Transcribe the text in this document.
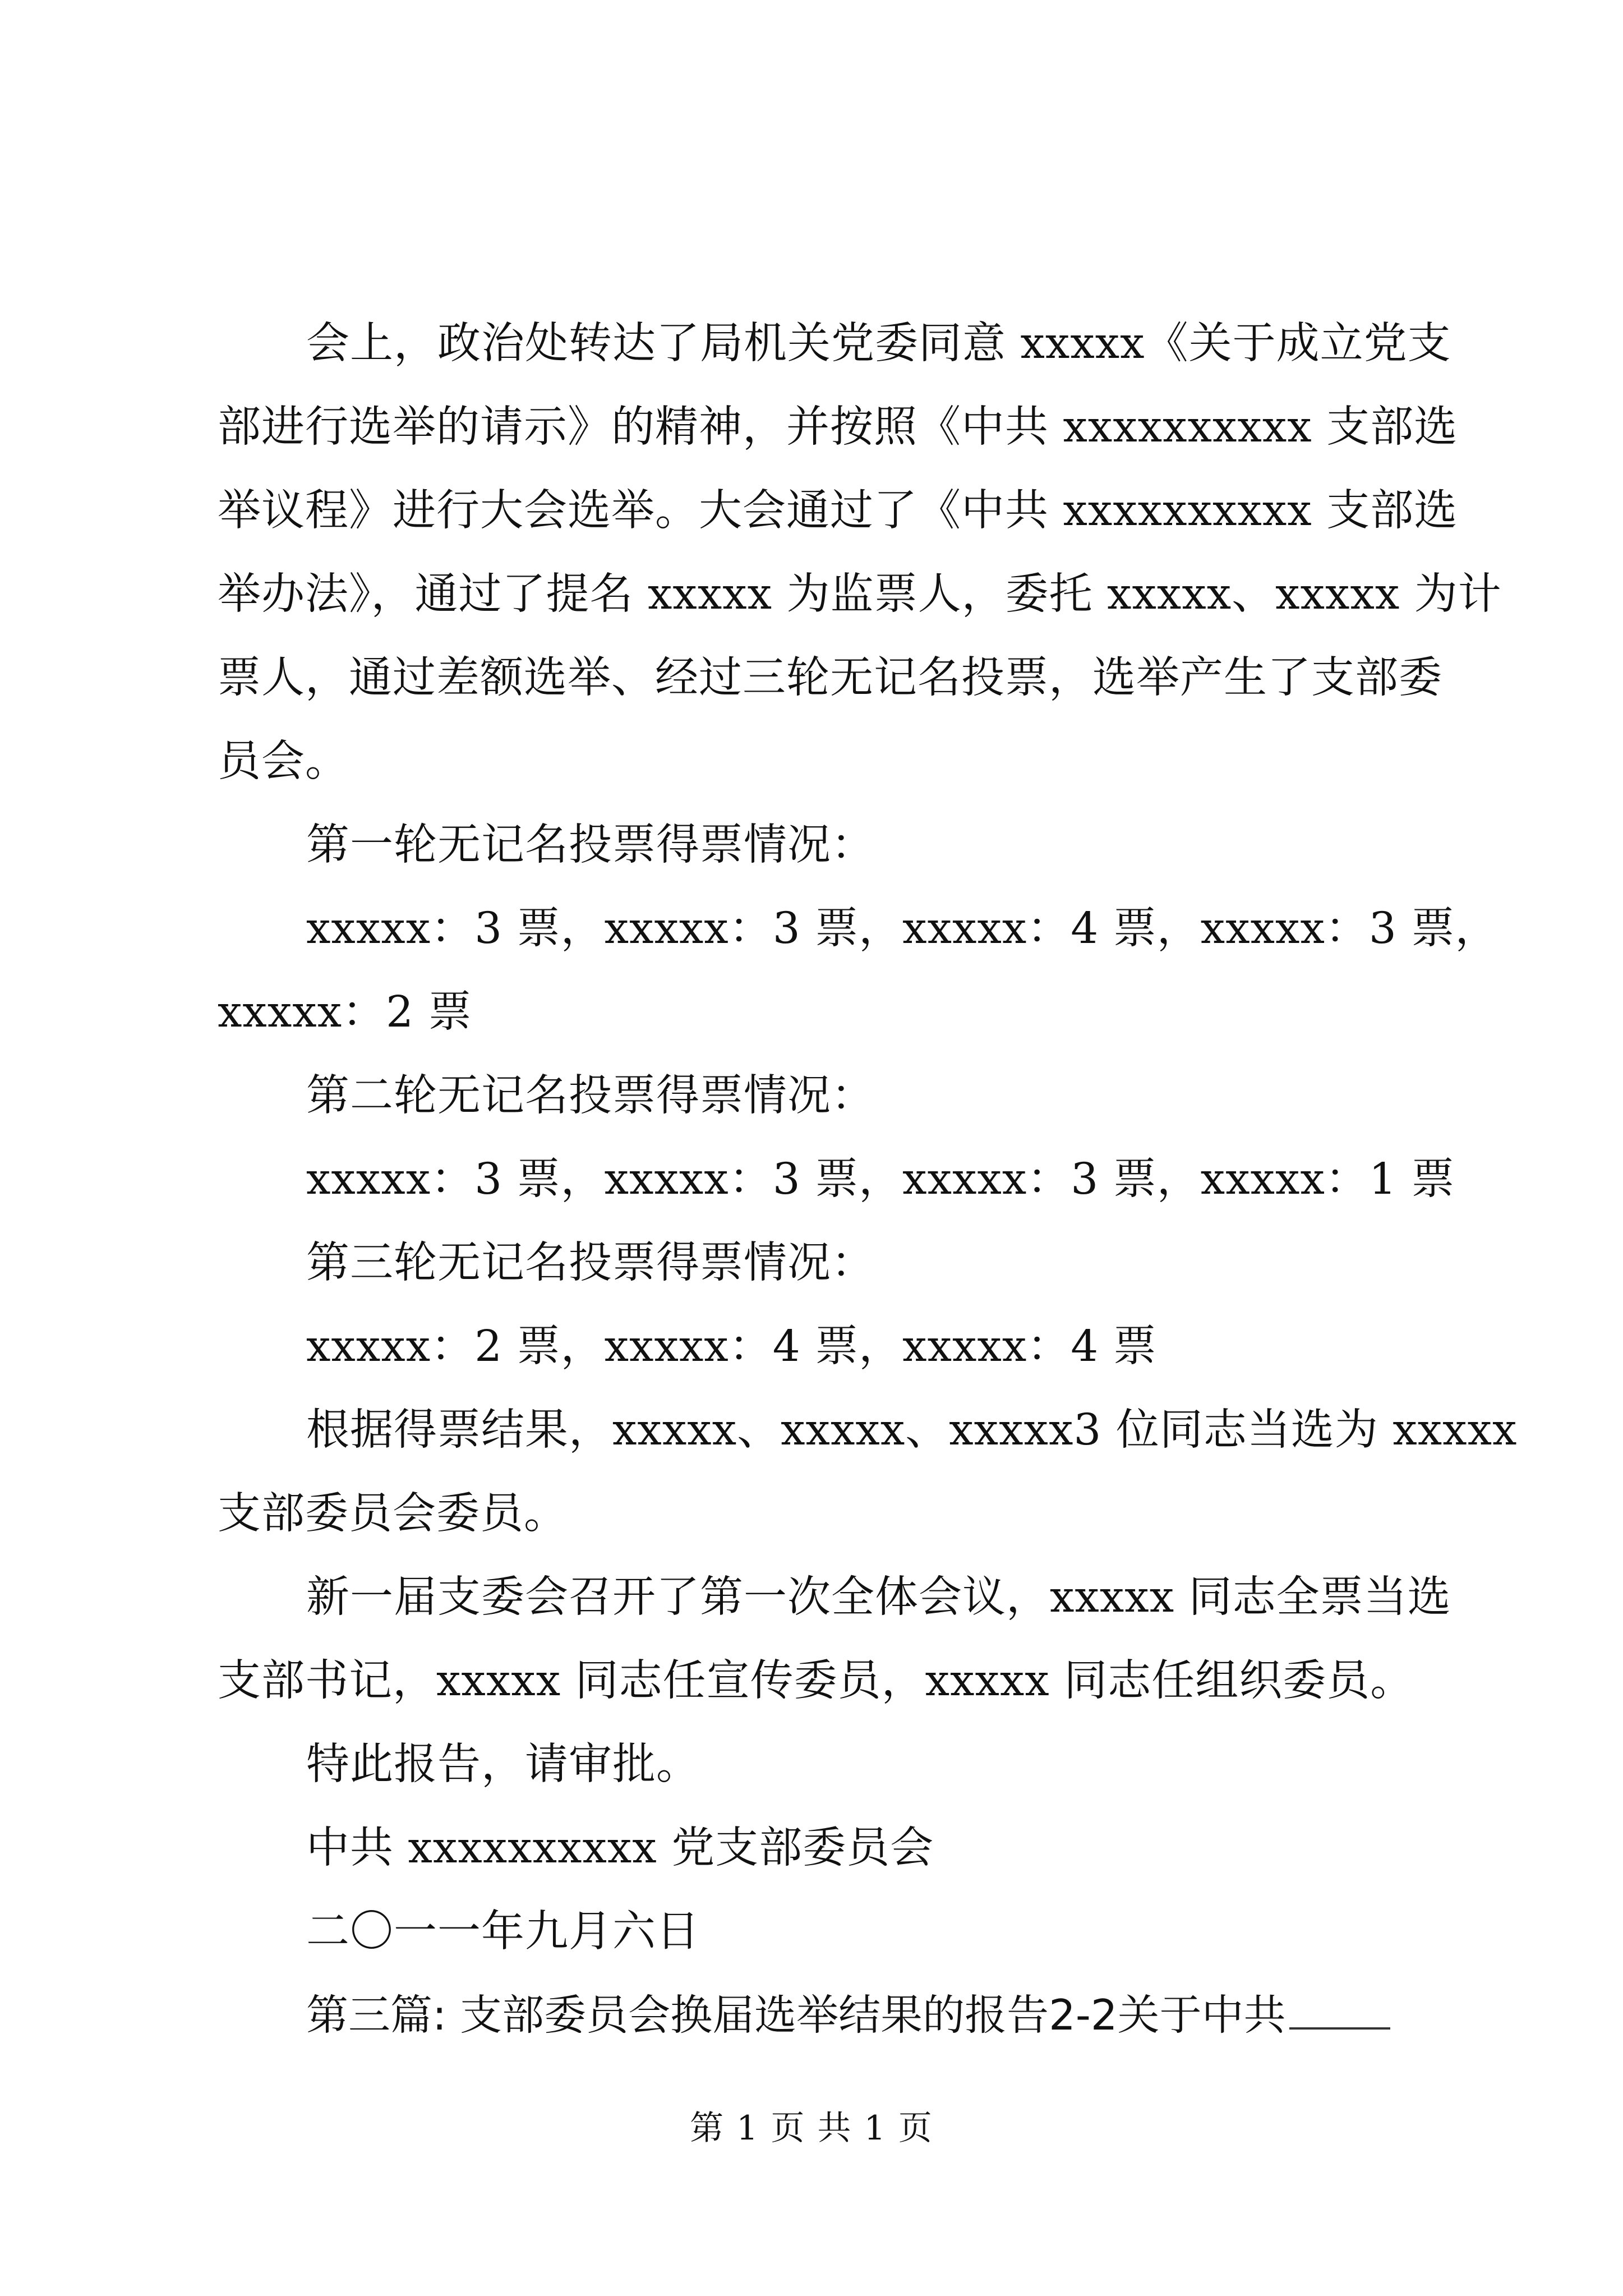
会上，政治处转达了局机关党委同意 xxxxx《关于成立党支
部进行选举的请示》的精神，并按照《中共 xxxxxxxxxx 支部选
举议程》进行大会选举。大会通过了《中共 xxxxxxxxxx 支部选
举办法》，通过了提名 xxxxx 为监票人，委托 xxxxx、xxxxx 为计
票人，通过差额选举、经过三轮无记名投票，选举产生了支部委
员会。
第一轮无记名投票得票情况：
xxxxx：3 票，xxxxx：3 票，xxxxx：4 票，xxxxx：3 票，
xxxxx：2 票
第二轮无记名投票得票情况：
xxxxx：3 票，xxxxx：3 票，xxxxx：3 票，xxxxx：1 票
第三轮无记名投票得票情况：
xxxxx：2 票，xxxxx：4 票，xxxxx：4 票
根据得票结果，xxxxx、xxxxx、xxxxx3 位同志当选为 xxxxx
支部委员会委员。
新一届支委会召开了第一次全体会议，xxxxx 同志全票当选
支部书记，xxxxx 同志任宣传委员，xxxxx 同志任组织委员。
特此报告，请审批。
中共 xxxxxxxxxx 党支部委员会
二〇一一年九月六日
第三篇: 支部委员会换届选举结果的报告2-2关于中共
第 1 页 共 1 页
